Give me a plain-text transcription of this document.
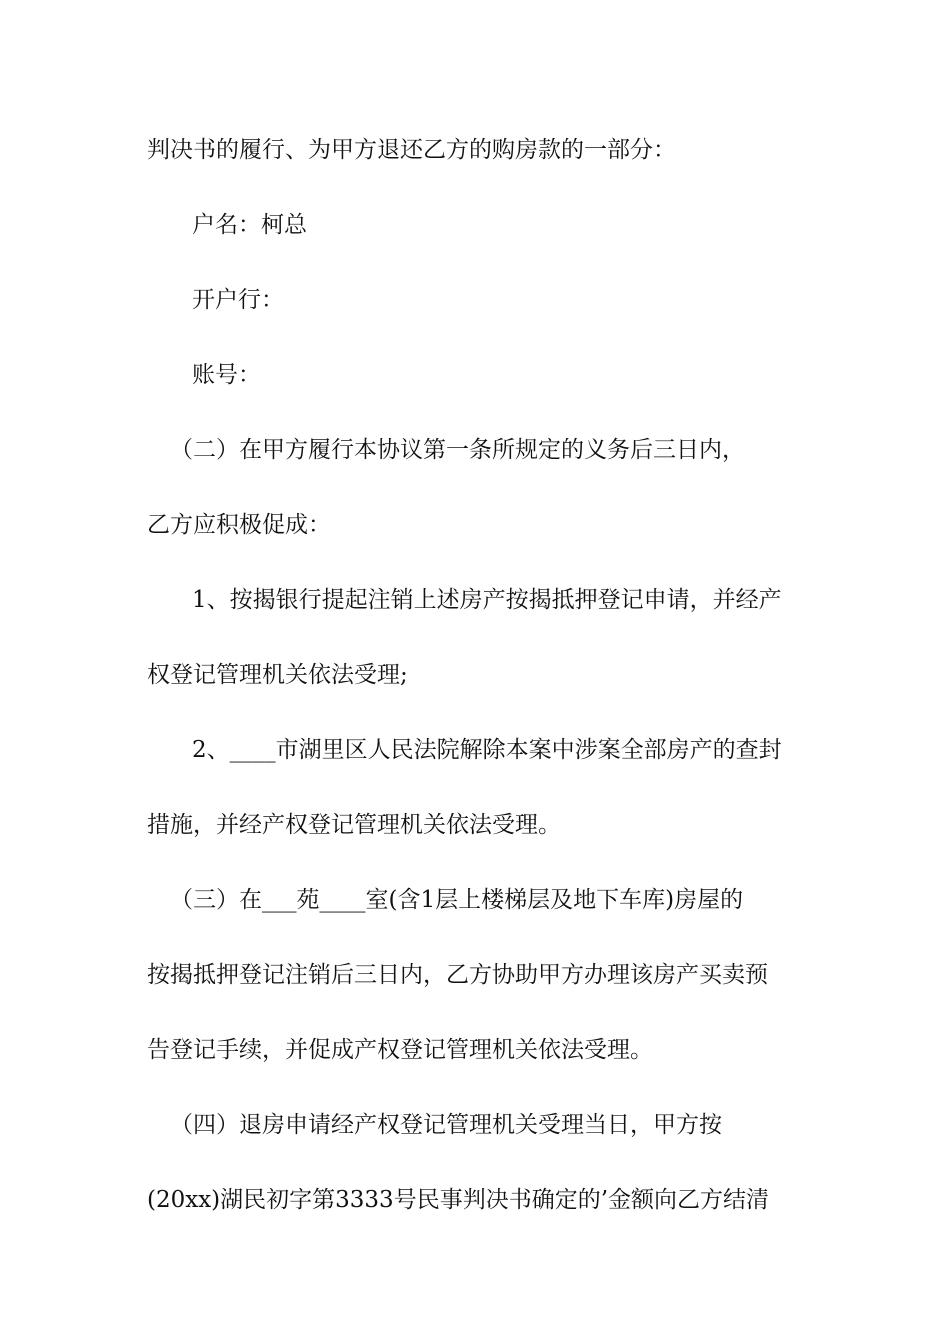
判决书的履行、为甲方退还乙方的购房款的一部分：
户名：柯总
开户行：
账号：
（二）在甲方履行本协议第一条所规定的义务后三日内，
乙方应积极促成：
1、按揭银行提起注销上述房产按揭抵押登记申请，并经产
权登记管理机关依法受理;
2、____市湖里区人民法院解除本案中涉案全部房产的查封
措施，并经产权登记管理机关依法受理。
（三）在___苑____室(含1层上楼梯层及地下车库)房屋的
按揭抵押登记注销后三日内，乙方协助甲方办理该房产买卖预
告登记手续，并促成产权登记管理机关依法受理。
（四）退房申请经产权登记管理机关受理当日，甲方按
(20xx)湖民初字第3333号民事判决书确定的’金额向乙方结清
